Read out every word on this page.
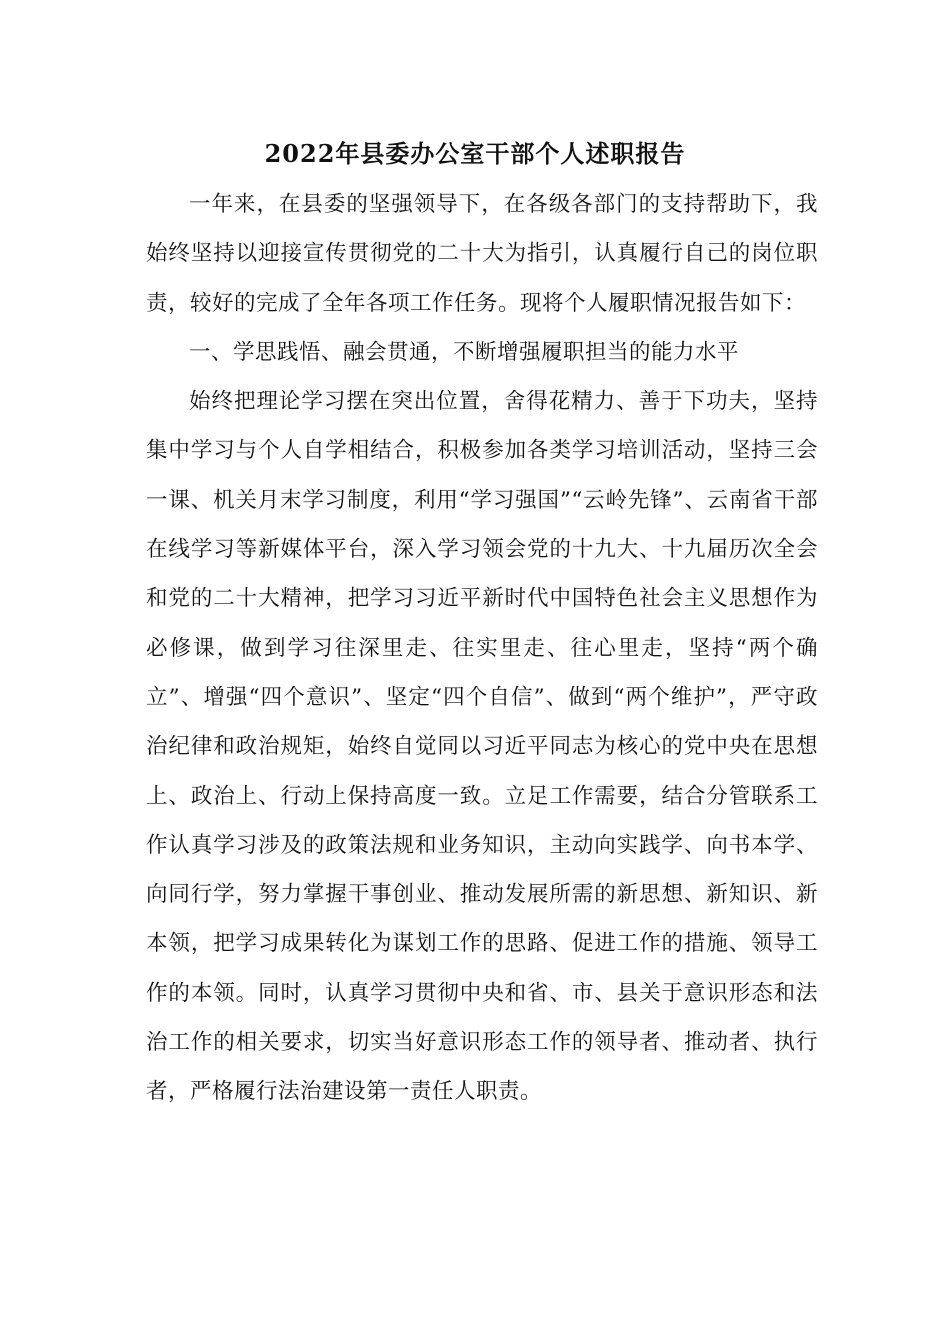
2022年县委办公室干部个人述职报告

一年来，在县委的坚强领导下，在各级各部门的支持帮助下，我始终坚持以迎接宣传贯彻党的二十大为指引，认真履行自己的岗位职责，较好的完成了全年各项工作任务。现将个人履职情况报告如下：

一、学思践悟、融会贯通，不断增强履职担当的能力水平

始终把理论学习摆在突出位置，舍得花精力、善于下功夫，坚持集中学习与个人自学相结合，积极参加各类学习培训活动，坚持三会一课、机关月末学习制度，利用“学习强国”“云岭先锋”、云南省干部在线学习等新媒体平台，深入学习领会党的十九大、十九届历次全会和党的二十大精神，把学习习近平新时代中国特色社会主义思想作为必修课，做到学习往深里走、往实里走、往心里走，坚持“两个确立”、增强“四个意识”、坚定“四个自信”、做到“两个维护”，严守政治纪律和政治规矩，始终自觉同以习近平同志为核心的党中央在思想上、政治上、行动上保持高度一致。立足工作需要，结合分管联系工作认真学习涉及的政策法规和业务知识，主动向实践学、向书本学、向同行学，努力掌握干事创业、推动发展所需的新思想、新知识、新本领，把学习成果转化为谋划工作的思路、促进工作的措施、领导工作的本领。同时，认真学习贯彻中央和省、市、县关于意识形态和法治工作的相关要求，切实当好意识形态工作的领导者、推动者、执行者，严格履行法治建设第一责任人职责。
